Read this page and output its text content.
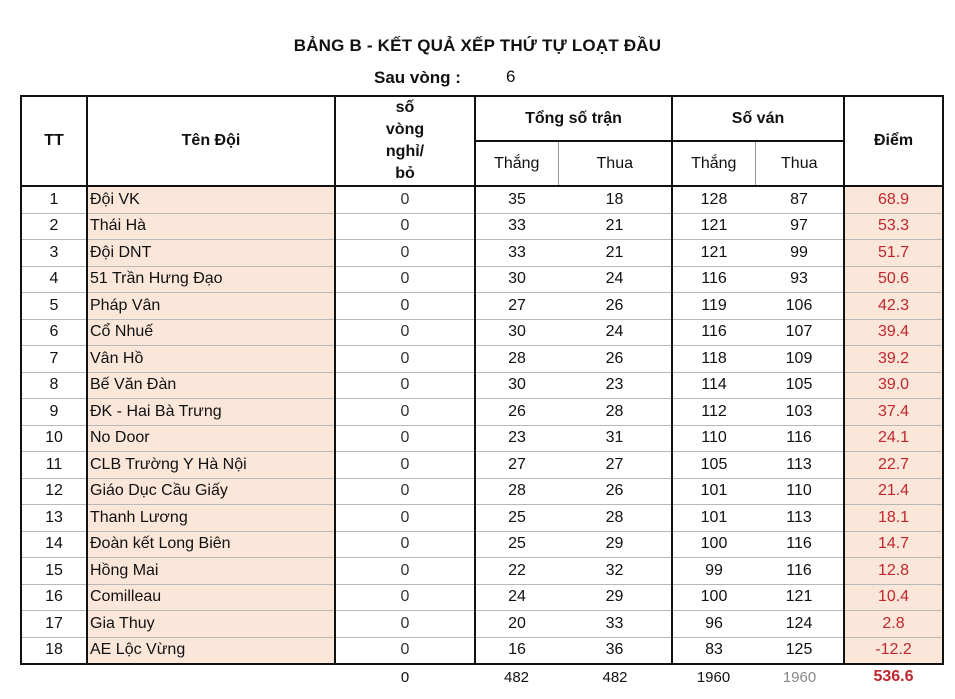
BẢNG B - KẾT QUẢ XẾP THỨ TỰ LOẠT ĐẦU
Sau vòng :	6
TT	Tên Đội	số vòng nghỉ/ bỏ	Tổng số trận		Số ván		Điểm
			Thắng	Thua	Thắng	Thua	
1	Đội VK	0	35	18	128	87	68.9
2	Thái Hà	0	33	21	121	97	53.3
3	Đội DNT	0	33	21	121	99	51.7
4	51 Trần Hưng Đạo	0	30	24	116	93	50.6
5	Pháp Vân	0	27	26	119	106	42.3
6	Cổ Nhuế	0	30	24	116	107	39.4
7	Vân Hồ	0	28	26	118	109	39.2
8	Bế Văn Đàn	0	30	23	114	105	39.0
9	ĐK - Hai Bà Trưng	0	26	28	112	103	37.4
10	No Door	0	23	31	110	116	24.1
11	CLB Trường Y Hà Nội	0	27	27	105	113	22.7
12	Giáo Dục Cầu Giấy	0	28	26	101	110	21.4
13	Thanh Lương	0	25	28	101	113	18.1
14	Đoàn kết Long Biên	0	25	29	100	116	14.7
15	Hồng Mai	0	22	32	99	116	12.8
16	Comilleau	0	24	29	100	121	10.4
17	Gia Thuy	0	20	33	96	124	2.8
18	AE Lộc Vừng	0	16	36	83	125	-12.2
		0	482	482	1960	1960	536.6
